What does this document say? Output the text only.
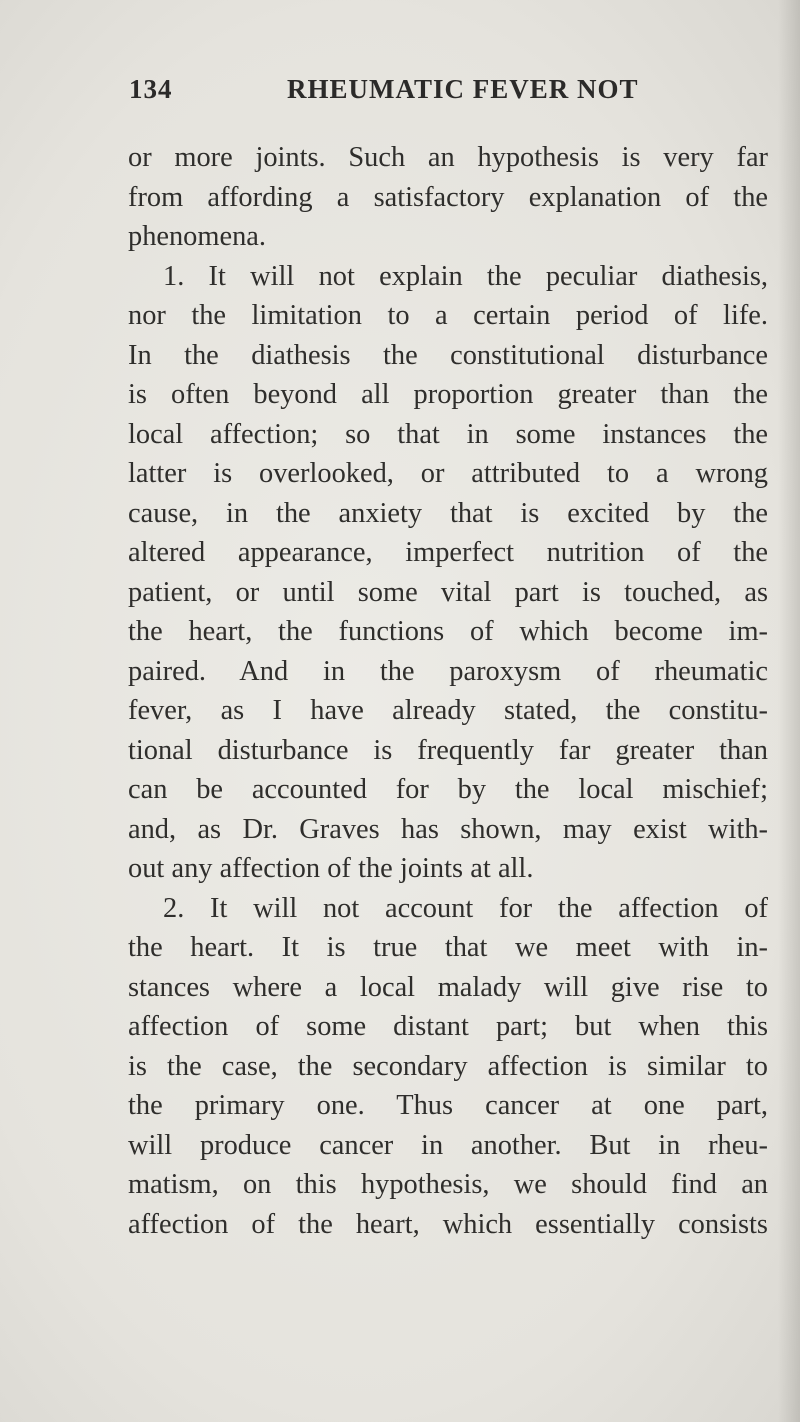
134	RHEUMATIC FEVER NOT
or more joints. Such an hypothesis is very far
from affording a satisfactory explanation of the
phenomena.
1. It will not explain the peculiar diathesis,
nor the limitation to a certain period of life.
In the diathesis the constitutional disturbance
is often beyond all proportion greater than the
local affection; so that in some instances the
latter is overlooked, or attributed to a wrong
cause, in the anxiety that is excited by the
altered appearance, imperfect nutrition of the
patient, or until some vital part is touched, as
the heart, the functions of which become im-
paired. And in the paroxysm of rheumatic
fever, as I have already stated, the constitu-
tional disturbance is frequently far greater than
can be accounted for by the local mischief;
and, as Dr. Graves has shown, may exist with-
out any affection of the joints at all.
2. It will not account for the affection of
the heart. It is true that we meet with in-
stances where a local malady will give rise to
affection of some distant part; but when this
is the case, the secondary affection is similar to
the primary one. Thus cancer at one part,
will produce cancer in another. But in rheu-
matism, on this hypothesis, we should find an
affection of the heart, which essentially consists
